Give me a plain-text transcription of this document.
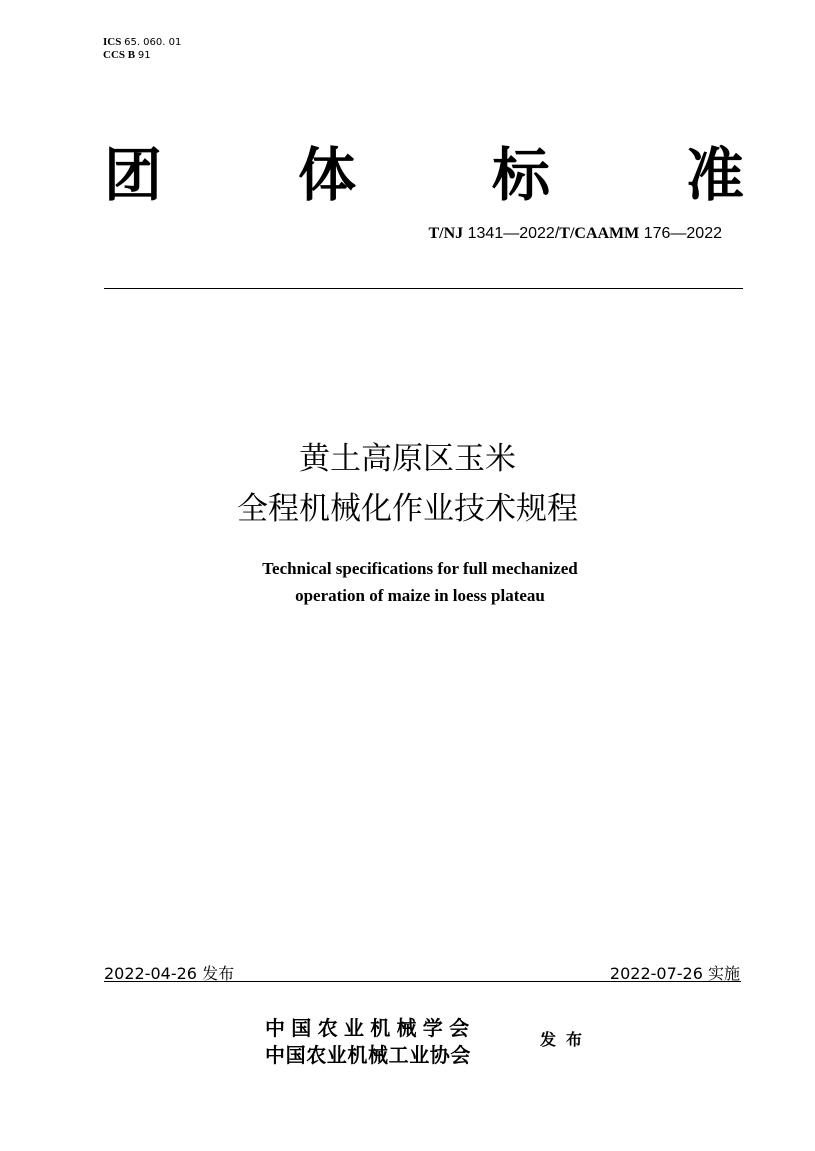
ICS 65. 060. 01
CCS B 91
团 体 标 准
T/NJ 1341—2022/T/CAAMM 176—2022
黄土高原区玉米
全程机械化作业技术规程
Technical specifications for full mechanized
operation of maize in loess plateau
2022-04-26 发布	2022-07-26 实施
中国农业机械学会
中国农业机械工业协会
发布
